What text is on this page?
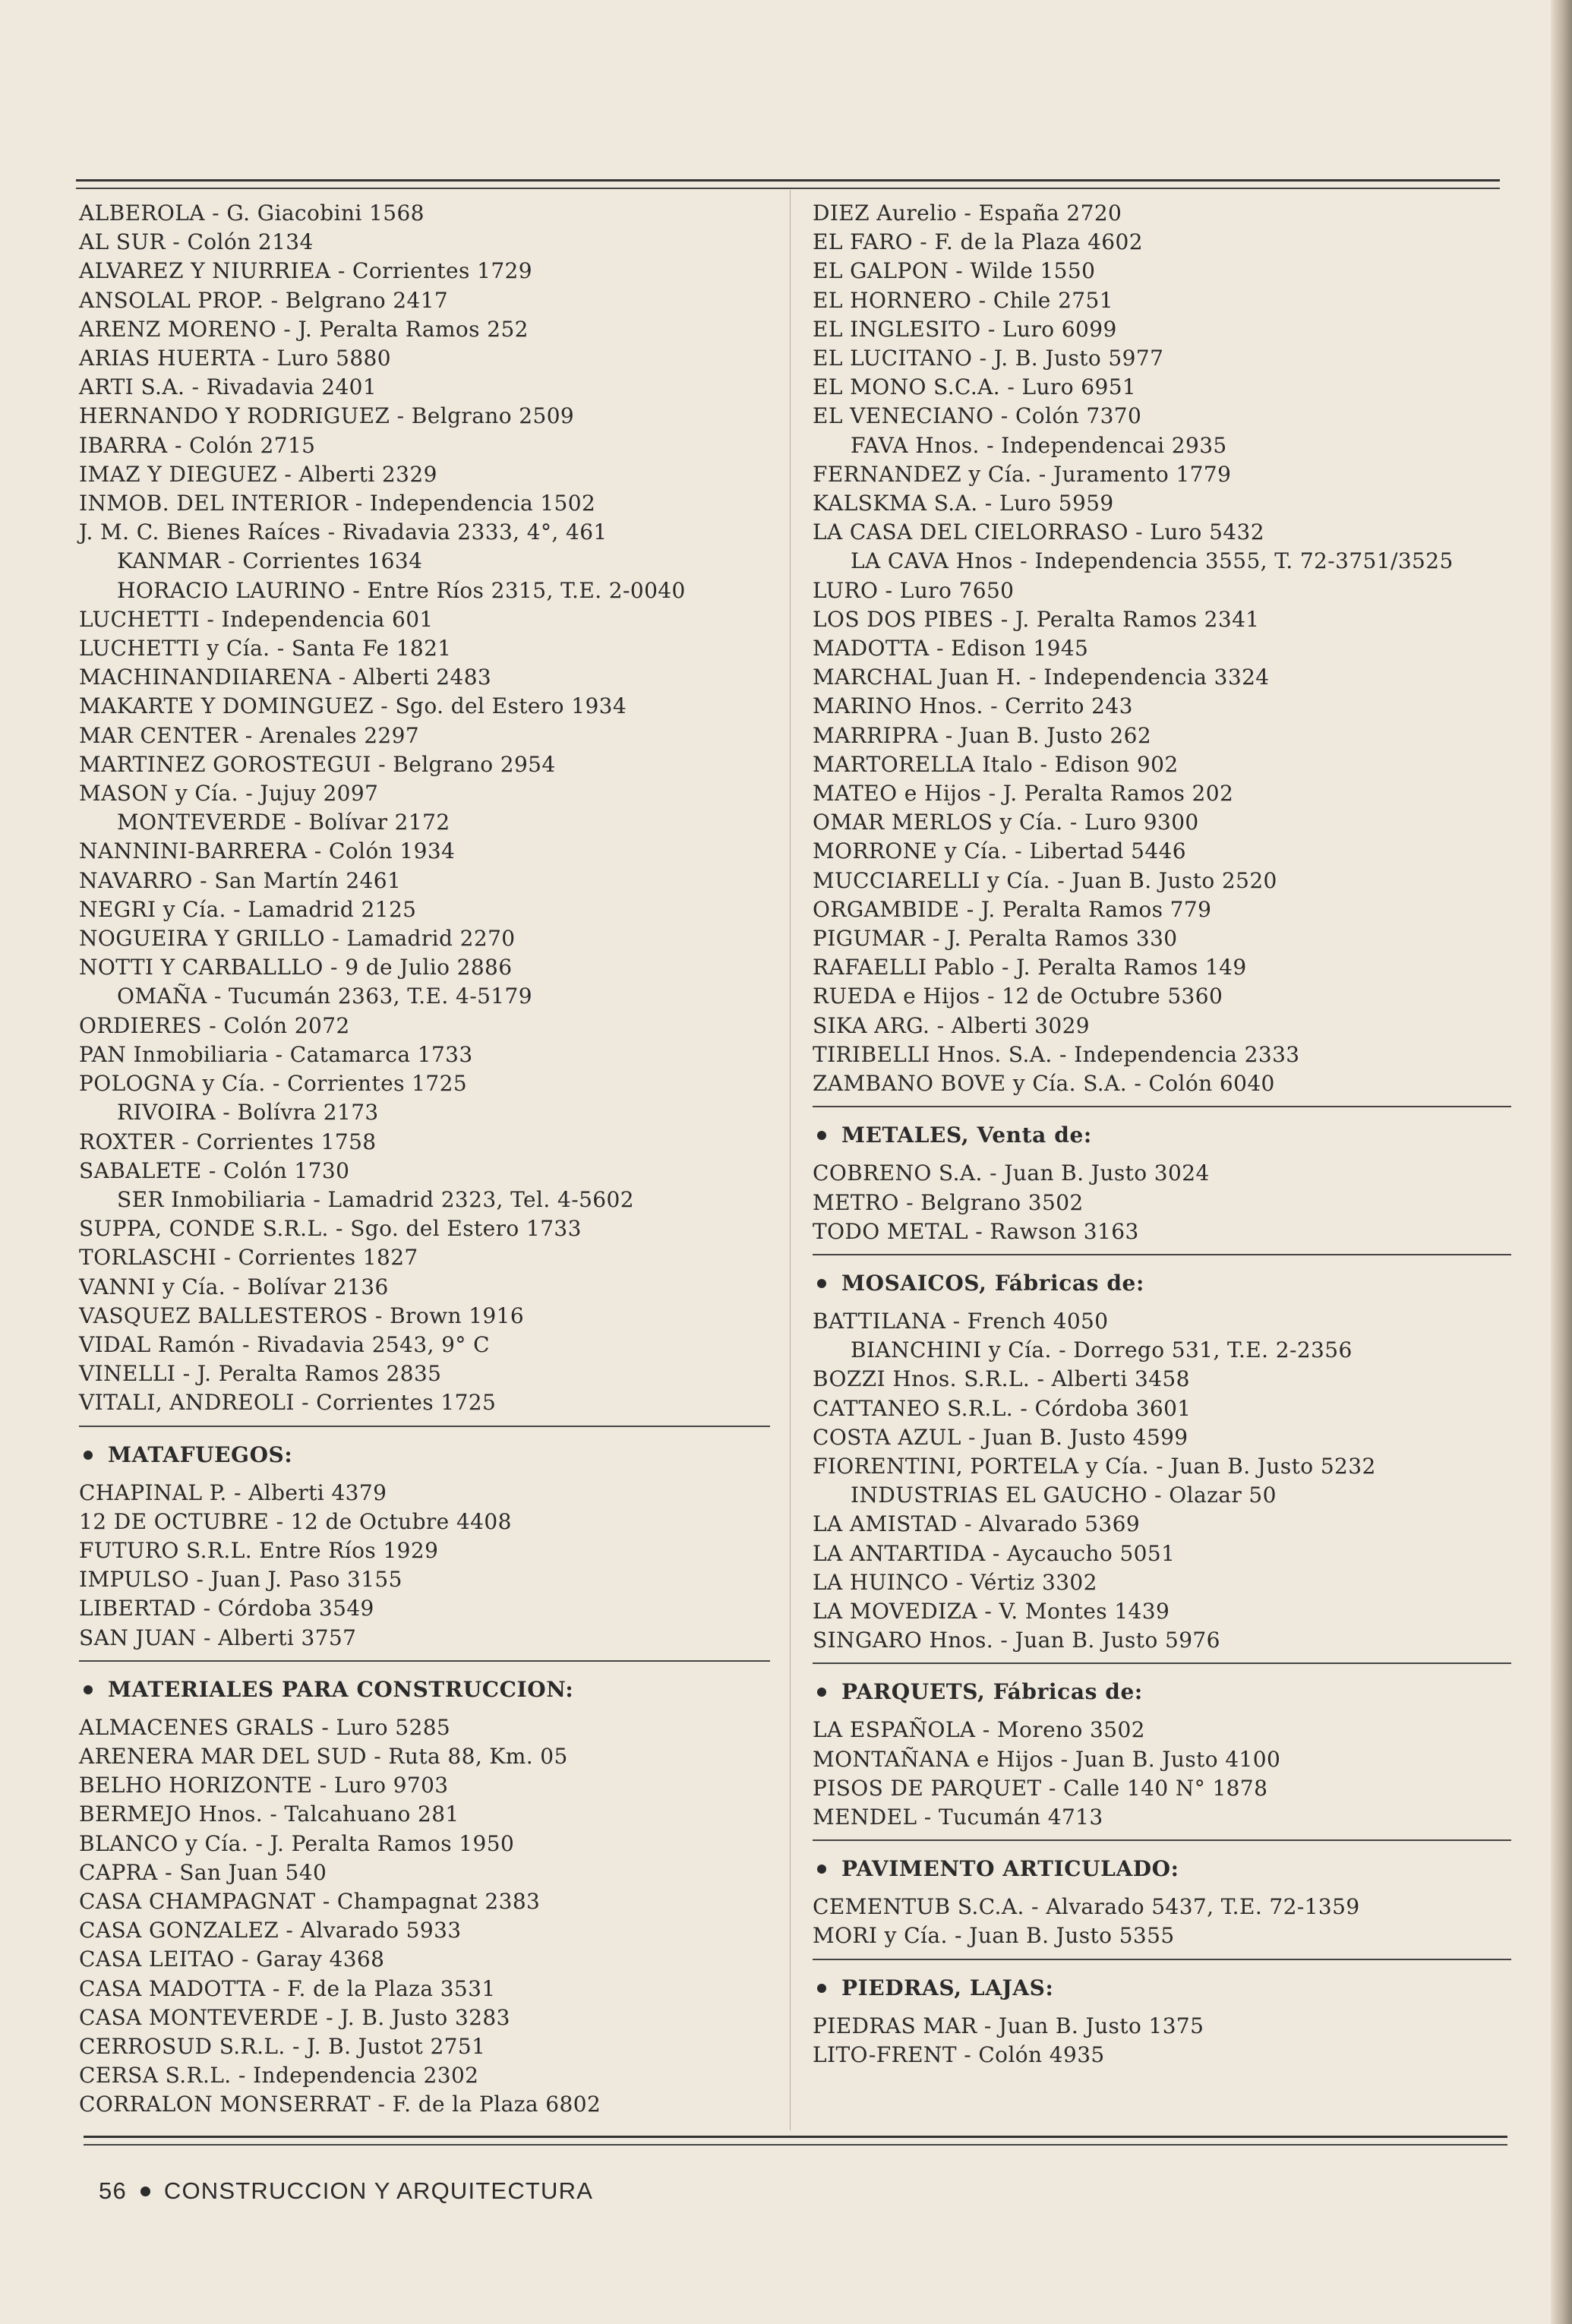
ALBEROLA - G. Giacobini 1568
AL SUR - Colón 2134
ALVAREZ Y NIURRIEA - Corrientes 1729
ANSOLAL PROP. - Belgrano 2417
ARENZ MORENO - J. Peralta Ramos 252
ARIAS HUERTA - Luro 5880
ARTI S.A. - Rivadavia 2401
HERNANDO Y RODRIGUEZ - Belgrano 2509
IBARRA - Colón 2715
IMAZ Y DIEGUEZ - Alberti 2329
INMOB. DEL INTERIOR - Independencia 1502
J. M. C. Bienes Raíces - Rivadavia 2333, 4°, 461
KANMAR - Corrientes 1634
HORACIO LAURINO - Entre Ríos 2315, T.E. 2-0040
LUCHETTI - Independencia 601
LUCHETTI y Cía. - Santa Fe 1821
MACHINANDIIARENA - Alberti 2483
MAKARTE Y DOMINGUEZ - Sgo. del Estero 1934
MAR CENTER - Arenales 2297
MARTINEZ GOROSTEGUI - Belgrano 2954
MASON y Cía. - Jujuy 2097
MONTEVERDE - Bolívar 2172
NANNINI-BARRERA - Colón 1934
NAVARRO - San Martín 2461
NEGRI y Cía. - Lamadrid 2125
NOGUEIRA Y GRILLO - Lamadrid 2270
NOTTI Y CARBALLLO - 9 de Julio 2886
OMAÑA - Tucumán 2363, T.E. 4-5179
ORDIERES - Colón 2072
PAN Inmobiliaria - Catamarca 1733
POLOGNA y Cía. - Corrientes 1725
RIVOIRA - Bolívra 2173
ROXTER - Corrientes 1758
SABALETE - Colón 1730
SER Inmobiliaria - Lamadrid 2323, Tel. 4-5602
SUPPA, CONDE S.R.L. - Sgo. del Estero 1733
TORLASCHI - Corrientes 1827
VANNI y Cía. - Bolívar 2136
VASQUEZ BALLESTEROS - Brown 1916
VIDAL Ramón - Rivadavia 2543, 9° C
VINELLI - J. Peralta Ramos 2835
VITALI, ANDREOLI - Corrientes 1725
MATAFUEGOS:
CHAPINAL P. - Alberti 4379
12 DE OCTUBRE - 12 de Octubre 4408
FUTURO S.R.L. Entre Ríos 1929
IMPULSO - Juan J. Paso 3155
LIBERTAD - Córdoba 3549
SAN JUAN - Alberti 3757
MATERIALES PARA CONSTRUCCION:
ALMACENES GRALS - Luro 5285
ARENERA MAR DEL SUD - Ruta 88, Km. 05
BELHO HORIZONTE - Luro 9703
BERMEJO Hnos. - Talcahuano 281
BLANCO y Cía. - J. Peralta Ramos 1950
CAPRA - San Juan 540
CASA CHAMPAGNAT - Champagnat 2383
CASA GONZALEZ - Alvarado 5933
CASA LEITAO - Garay 4368
CASA MADOTTA - F. de la Plaza 3531
CASA MONTEVERDE - J. B. Justo 3283
CERROSUD S.R.L. - J. B. Justot 2751
CERSA S.R.L. - Independencia 2302
CORRALON MONSERRAT - F. de la Plaza 6802
DIEZ Aurelio - España 2720
EL FARO - F. de la Plaza 4602
EL GALPON - Wilde 1550
EL HORNERO - Chile 2751
EL INGLESITO - Luro 6099
EL LUCITANO - J. B. Justo 5977
EL MONO S.C.A. - Luro 6951
EL VENECIANO - Colón 7370
FAVA Hnos. - Independencai 2935
FERNANDEZ y Cía. - Juramento 1779
KALSKMA S.A. - Luro 5959
LA CASA DEL CIELORRASO - Luro 5432
LA CAVA Hnos - Independencia 3555, T. 72-3751/3525
LURO - Luro 7650
LOS DOS PIBES - J. Peralta Ramos 2341
MADOTTA - Edison 1945
MARCHAL Juan H. - Independencia 3324
MARINO Hnos. - Cerrito 243
MARRIPRA - Juan B. Justo 262
MARTORELLA Italo - Edison 902
MATEO e Hijos - J. Peralta Ramos 202
OMAR MERLOS y Cía. - Luro 9300
MORRONE y Cía. - Libertad 5446
MUCCIARELLI y Cía. - Juan B. Justo 2520
ORGAMBIDE - J. Peralta Ramos 779
PIGUMAR - J. Peralta Ramos 330
RAFAELLI Pablo - J. Peralta Ramos 149
RUEDA e Hijos - 12 de Octubre 5360
SIKA ARG. - Alberti 3029
TIRIBELLI Hnos. S.A. - Independencia 2333
ZAMBANO BOVE y Cía. S.A. - Colón 6040
METALES, Venta de:
COBRENO S.A. - Juan B. Justo 3024
METRO - Belgrano 3502
TODO METAL - Rawson 3163
MOSAICOS, Fábricas de:
BATTILANA - French 4050
BIANCHINI y Cía. - Dorrego 531, T.E. 2-2356
BOZZI Hnos. S.R.L. - Alberti 3458
CATTANEO S.R.L. - Córdoba 3601
COSTA AZUL - Juan B. Justo 4599
FIORENTINI, PORTELA y Cía. - Juan B. Justo 5232
INDUSTRIAS EL GAUCHO - Olazar 50
LA AMISTAD - Alvarado 5369
LA ANTARTIDA - Aycaucho 5051
LA HUINCO - Vértiz 3302
LA MOVEDIZA - V. Montes 1439
SINGARO Hnos. - Juan B. Justo 5976
PARQUETS, Fábricas de:
LA ESPAÑOLA - Moreno 3502
MONTAÑANA e Hijos - Juan B. Justo 4100
PISOS DE PARQUET - Calle 140 N° 1878
MENDEL - Tucumán 4713
PAVIMENTO ARTICULADO:
CEMENTUB S.C.A. - Alvarado 5437, T.E. 72-1359
MORI y Cía. - Juan B. Justo 5355
PIEDRAS, LAJAS:
PIEDRAS MAR - Juan B. Justo 1375
LITO-FRENT - Colón 4935
56 CONSTRUCCION Y ARQUITECTURA
